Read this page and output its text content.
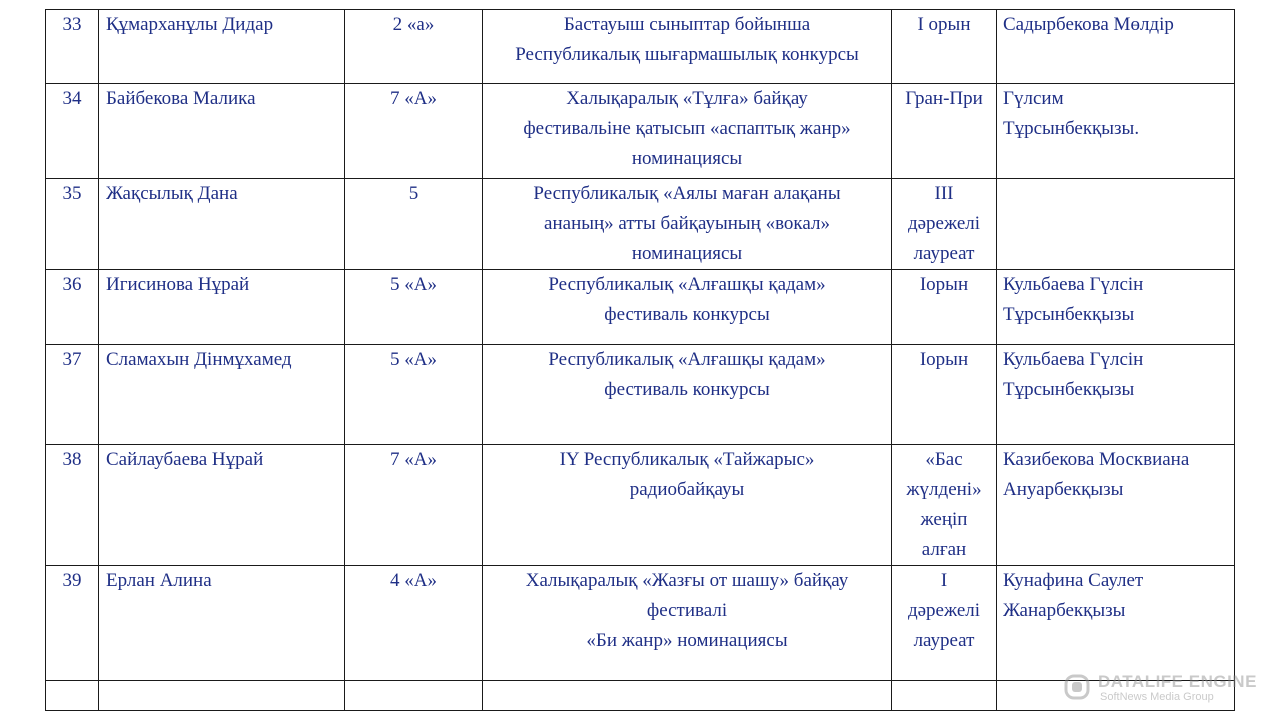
33	Құмарханұлы Дидар	2 «а»	Бастауыш сыныптар бойынша
Республикалық шығармашылық конкурсы	I орын	Садырбекова Мөлдір

34	Байбекова Малика	7 «А»	Халықаралық «Тұлға» байқау
фестивальіне қатысып «аспаптық жанр»
номинациясы	Гран-При	Гүлсим
Тұрсынбекқызы.

35	Жақсылық Дана	5	Республикалық «Аялы маған алақаны
ананың» атты байқауының «вокал»
номинациясы	III
дәрежелі
лауреат	

36	Игисинова Нұрай	5 «А»	Республикалық «Алғашқы қадам»
фестиваль конкурсы	Іорын	Кульбаева Гүлсін
Тұрсынбекқызы

37	Сламахын Дінмұхамед	5 «А»	Республикалық «Алғашқы қадам»
фестиваль конкурсы	Іорын	Кульбаева Гүлсін
Тұрсынбекқызы

38	Сайлаубаева Нұрай	7 «А»	IY Республикалық «Тайжарыс»
радиобайқауы	«Бас
жүлдені»
жеңіп
алған	Казибекова Москвиана
Ануарбекқызы

39	Ерлан Алина	4 «А»	Халықаралық «Жазғы от шашу» байқау
фестивалі
«Би жанр» номинациясы	I
дәрежелі
лауреат	Кунафина Саулет
Жанарбекқызы

DATALIFE ENGINE
SoftNews Media Group
